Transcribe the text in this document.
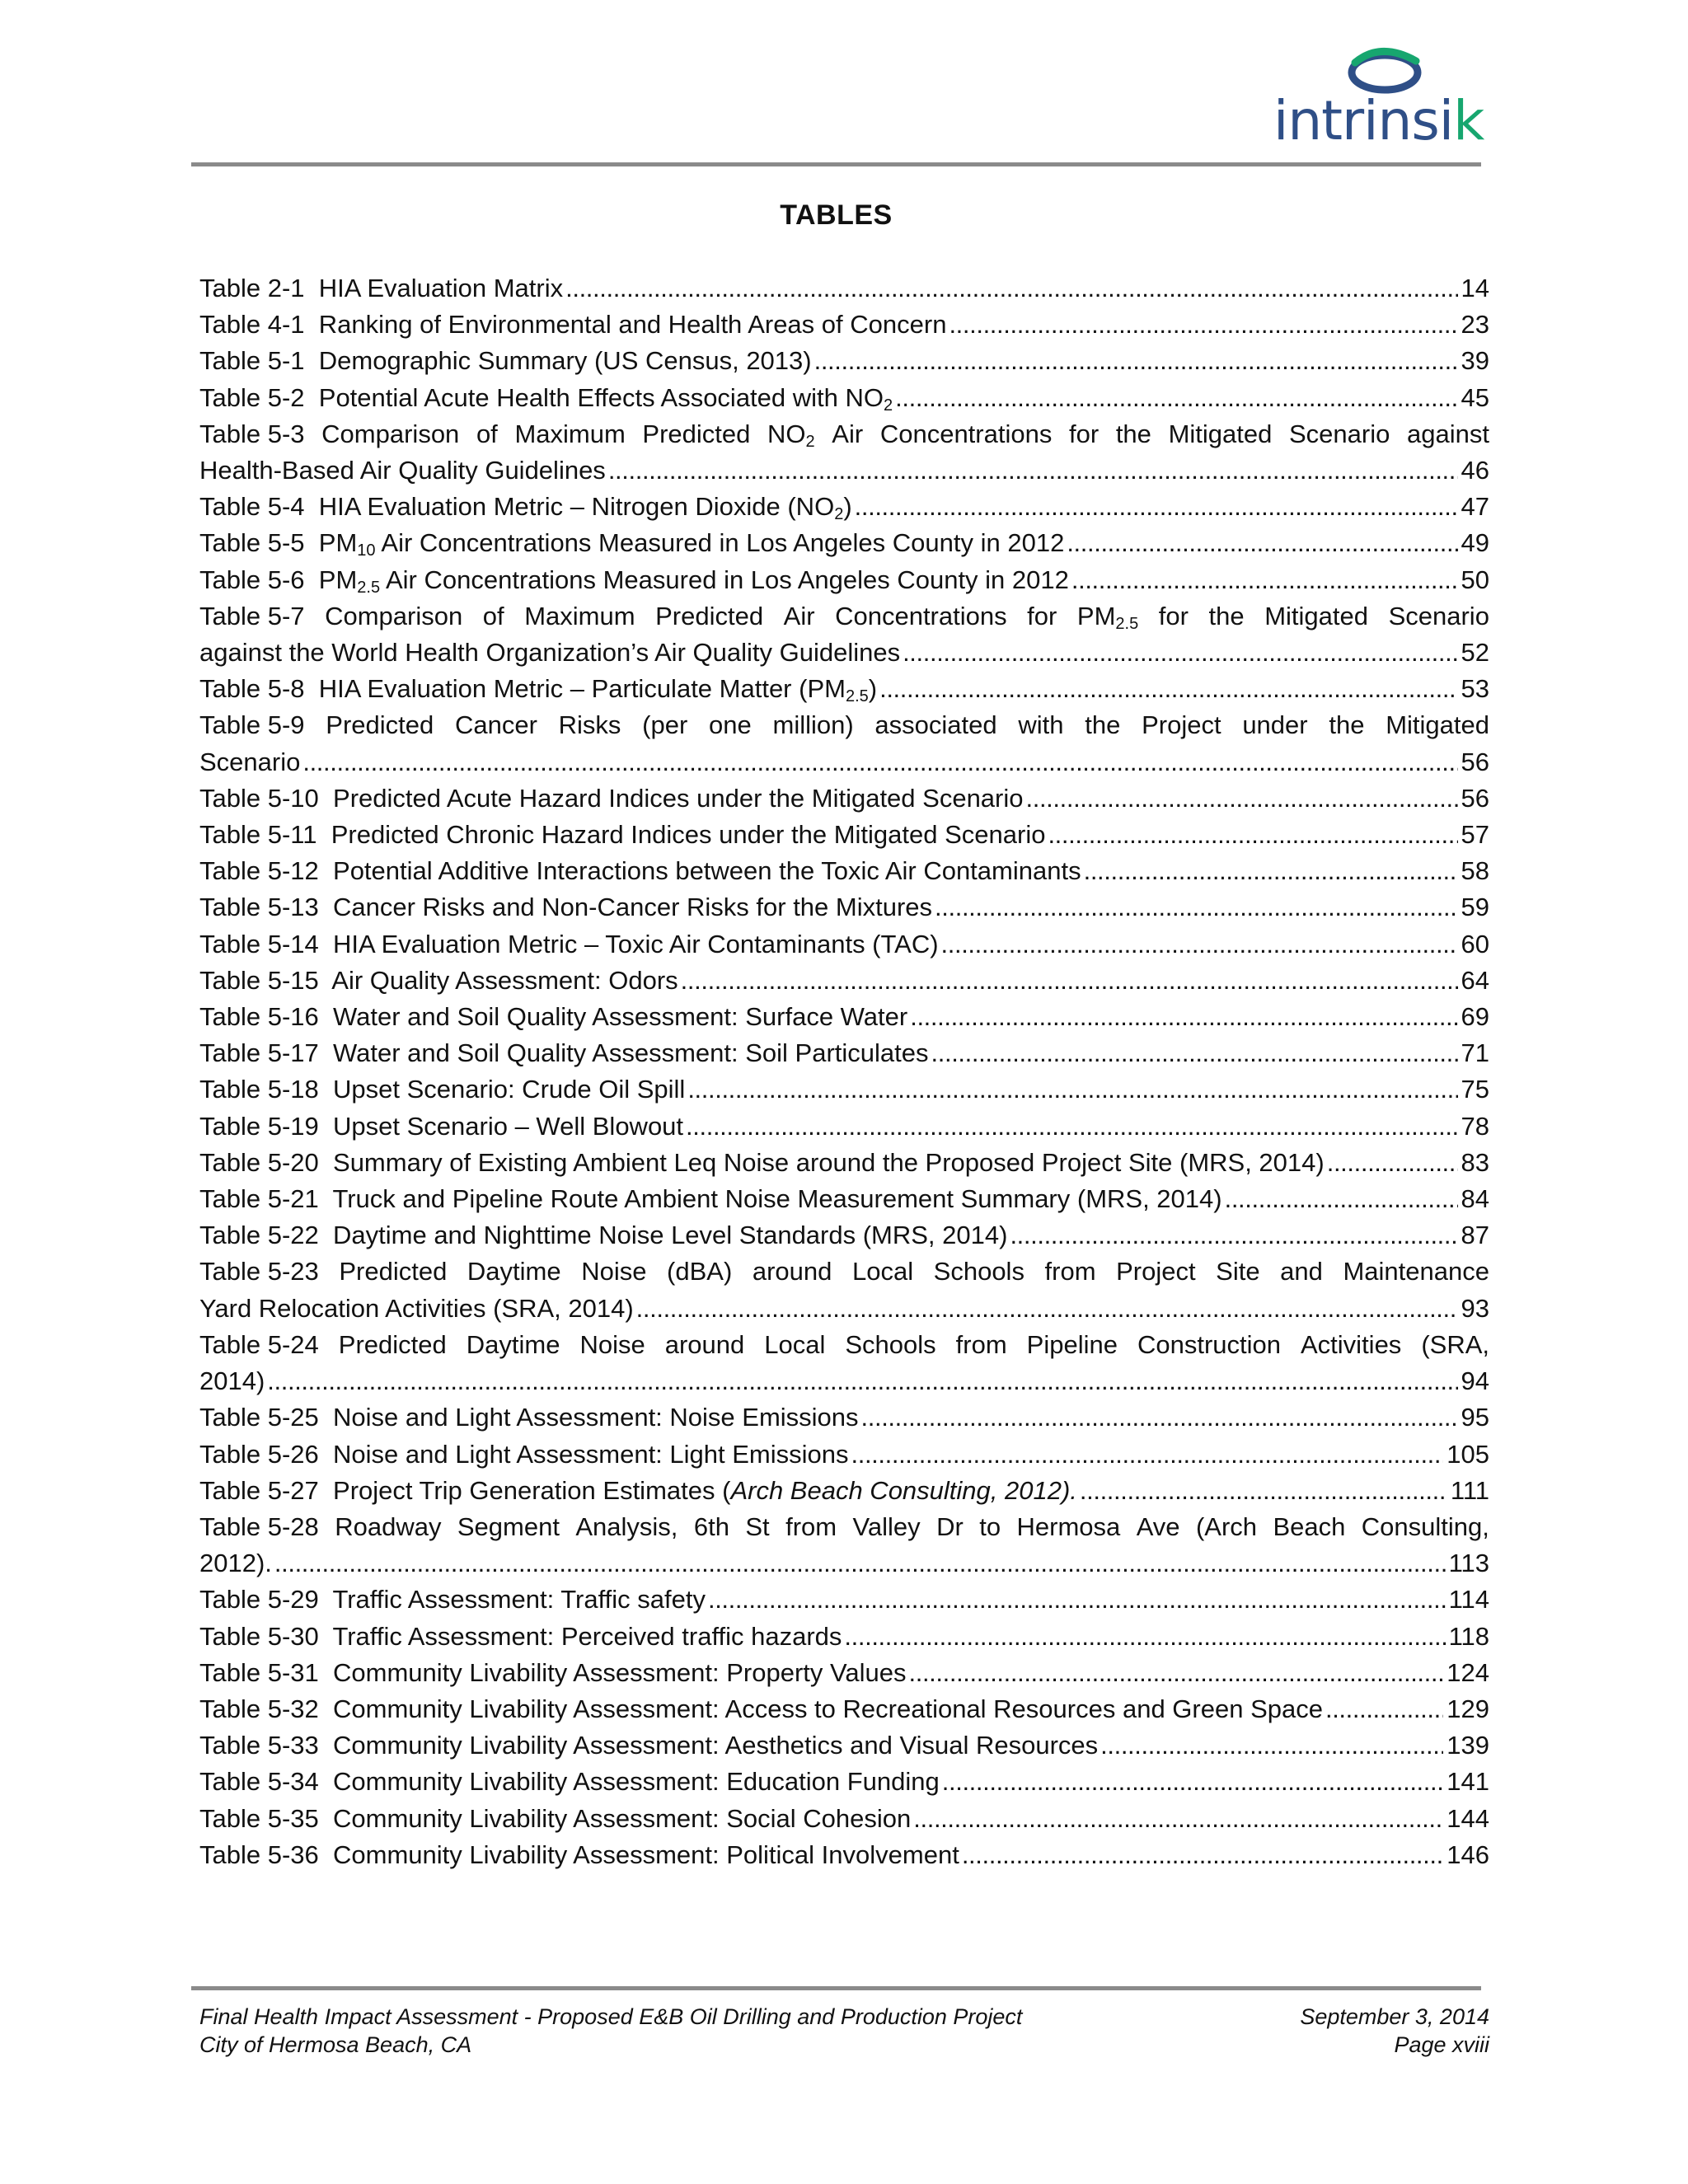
intrinsik
TABLES
Table 2-1 HIA Evaluation Matrix . . .	14
Table 4-1 Ranking of Environmental and Health Areas of Concern . . .	23
Table 5-1 Demographic Summary (US Census, 2013) . . .	39
Table 5-2 Potential Acute Health Effects Associated with $NO_2$ . . .	45
Table 5-3 Comparison of Maximum Predicted $NO_2$ Air Concentrations for the Mitigated Scenario against
Health-Based Air Quality Guidelines . . .	46
Table 5-4 HIA Evaluation Metric – Nitrogen Dioxide $(NO_2)$ . . .	47
Table 5-5 $PM_{10}$ Air Concentrations Measured in Los Angeles County in 2012 . . .	49
Table 5-6 $PM_{2.5}$ Air Concentrations Measured in Los Angeles County in 2012 . . .	50
Table 5-7 Comparison of Maximum Predicted Air Concentrations for $PM_{2.5}$ for the Mitigated Scenario
against the World Health Organization’s Air Quality Guidelines . . .	52
Table 5-8 HIA Evaluation Metric – Particulate Matter $(PM_{2.5})$ . . .	53
Table 5-9 Predicted Cancer Risks (per one million) associated with the Project under the Mitigated
Scenario . . .	56
Table 5-10 Predicted Acute Hazard Indices under the Mitigated Scenario . . .	56
Table 5-11 Predicted Chronic Hazard Indices under the Mitigated Scenario . . .	57
Table 5-12 Potential Additive Interactions between the Toxic Air Contaminants . . .	58
Table 5-13 Cancer Risks and Non-Cancer Risks for the Mixtures . . .	59
Table 5-14 HIA Evaluation Metric – Toxic Air Contaminants (TAC) . . .	60
Table 5-15 Air Quality Assessment: Odors . . .	64
Table 5-16 Water and Soil Quality Assessment: Surface Water . . .	69
Table 5-17 Water and Soil Quality Assessment: Soil Particulates . . .	71
Table 5-18 Upset Scenario: Crude Oil Spill . . .	75
Table 5-19 Upset Scenario – Well Blowout . . .	78
Table 5-20 Summary of Existing Ambient Leq Noise around the Proposed Project Site (MRS, 2014) . . .	83
Table 5-21 Truck and Pipeline Route Ambient Noise Measurement Summary (MRS, 2014) . . .	84
Table 5-22 Daytime and Nighttime Noise Level Standards (MRS, 2014) . . .	87
Table 5-23 Predicted Daytime Noise (dBA) around Local Schools from Project Site and Maintenance
Yard Relocation Activities (SRA, 2014) . . .	93
Table 5-24 Predicted Daytime Noise around Local Schools from Pipeline Construction Activities (SRA,
2014) . . .	94
Table 5-25 Noise and Light Assessment: Noise Emissions . . .	95
Table 5-26 Noise and Light Assessment: Light Emissions . . .	105
Table 5-27 Project Trip Generation Estimates (Arch Beach Consulting, 2012). . . .	111
Table 5-28 Roadway Segment Analysis, 6th St from Valley Dr to Hermosa Ave (Arch Beach Consulting,
2012). . . .	113
Table 5-29 Traffic Assessment: Traffic safety . . .	114
Table 5-30 Traffic Assessment: Perceived traffic hazards . . .	118
Table 5-31 Community Livability Assessment: Property Values . . .	124
Table 5-32 Community Livability Assessment: Access to Recreational Resources and Green Space . . .	129
Table 5-33 Community Livability Assessment: Aesthetics and Visual Resources . . .	139
Table 5-34 Community Livability Assessment: Education Funding . . .	141
Table 5-35 Community Livability Assessment: Social Cohesion . . .	144
Table 5-36 Community Livability Assessment: Political Involvement . . .	146
Final Health Impact Assessment - Proposed E&B Oil Drilling and Production Project	September 3, 2014
City of Hermosa Beach, CA	Page xviii
